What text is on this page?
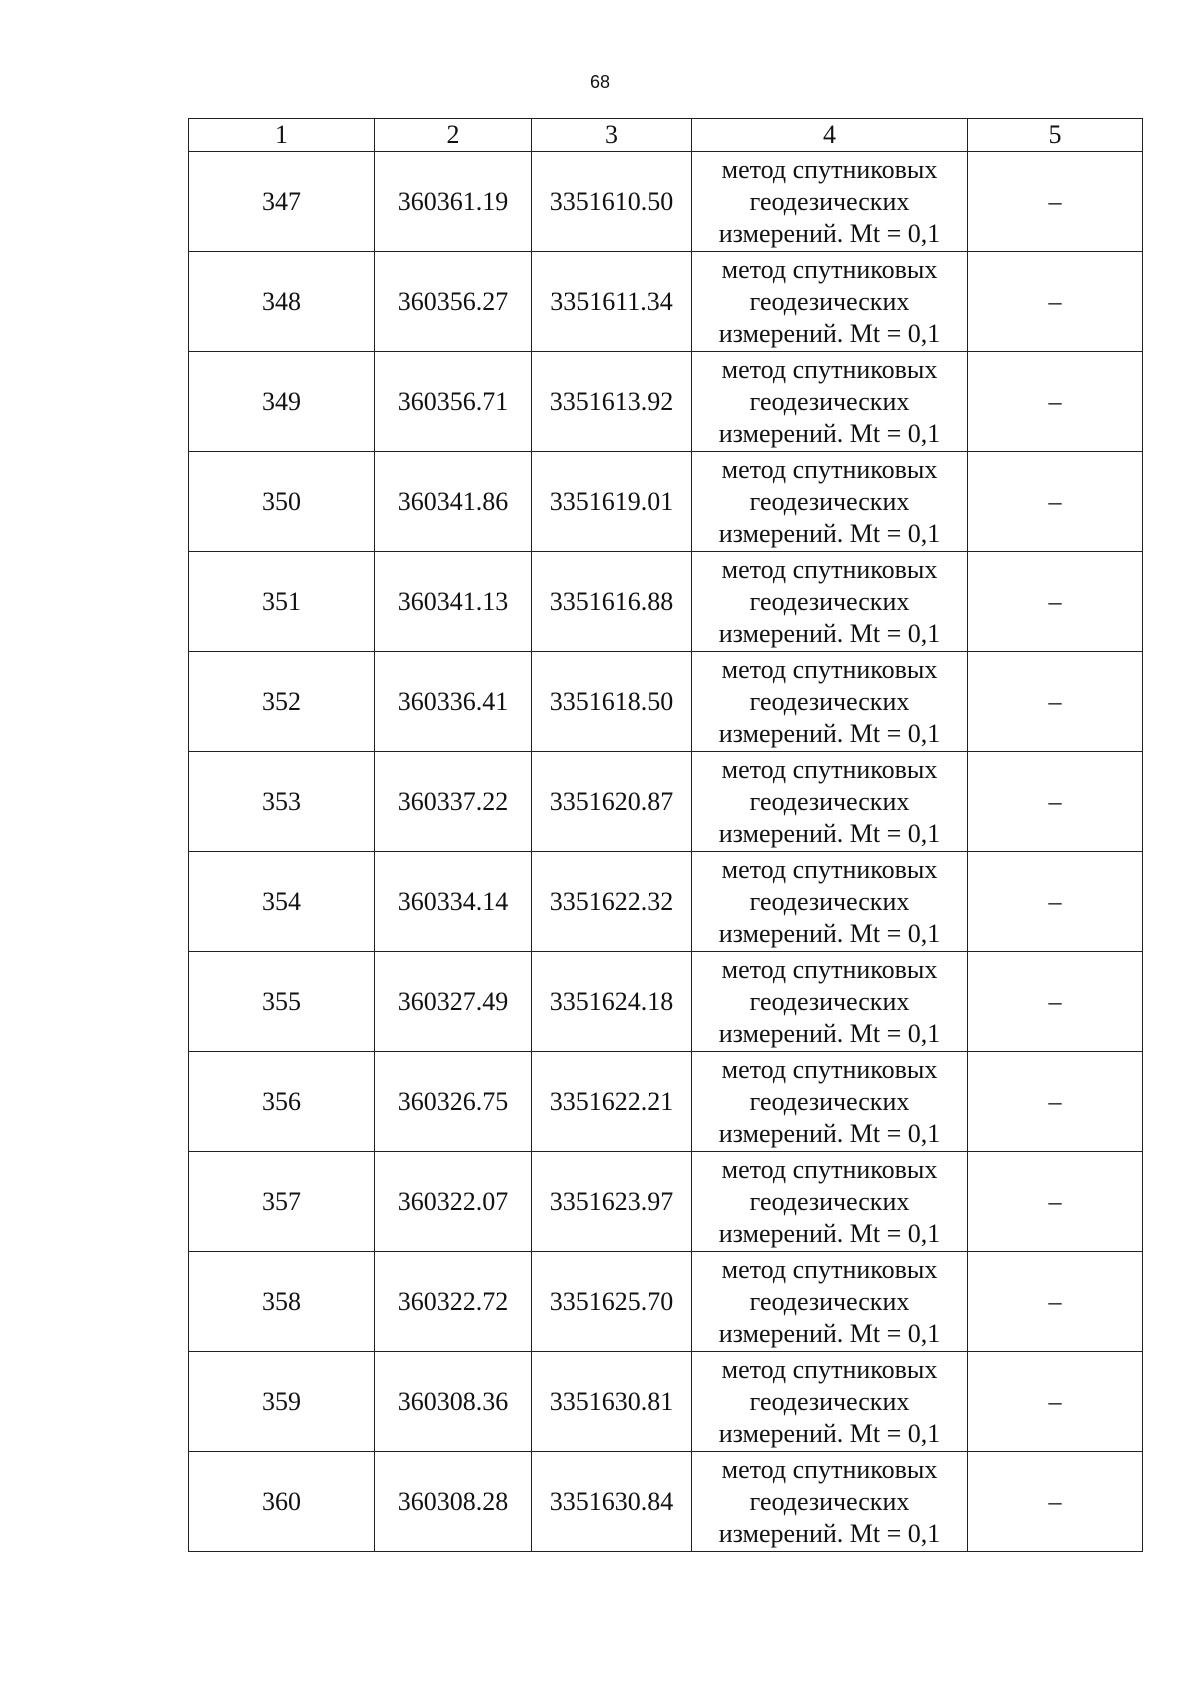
68
1	2	3	4	5
347	360361.19	3351610.50	метод спутниковых геодезических измерений. Mt = 0,1	–
348	360356.27	3351611.34	метод спутниковых геодезических измерений. Mt = 0,1	–
349	360356.71	3351613.92	метод спутниковых геодезических измерений. Mt = 0,1	–
350	360341.86	3351619.01	метод спутниковых геодезических измерений. Mt = 0,1	–
351	360341.13	3351616.88	метод спутниковых геодезических измерений. Mt = 0,1	–
352	360336.41	3351618.50	метод спутниковых геодезических измерений. Mt = 0,1	–
353	360337.22	3351620.87	метод спутниковых геодезических измерений. Mt = 0,1	–
354	360334.14	3351622.32	метод спутниковых геодезических измерений. Mt = 0,1	–
355	360327.49	3351624.18	метод спутниковых геодезических измерений. Mt = 0,1	–
356	360326.75	3351622.21	метод спутниковых геодезических измерений. Mt = 0,1	–
357	360322.07	3351623.97	метод спутниковых геодезических измерений. Mt = 0,1	–
358	360322.72	3351625.70	метод спутниковых геодезических измерений. Mt = 0,1	–
359	360308.36	3351630.81	метод спутниковых геодезических измерений. Mt = 0,1	–
360	360308.28	3351630.84	метод спутниковых геодезических измерений. Mt = 0,1	–
